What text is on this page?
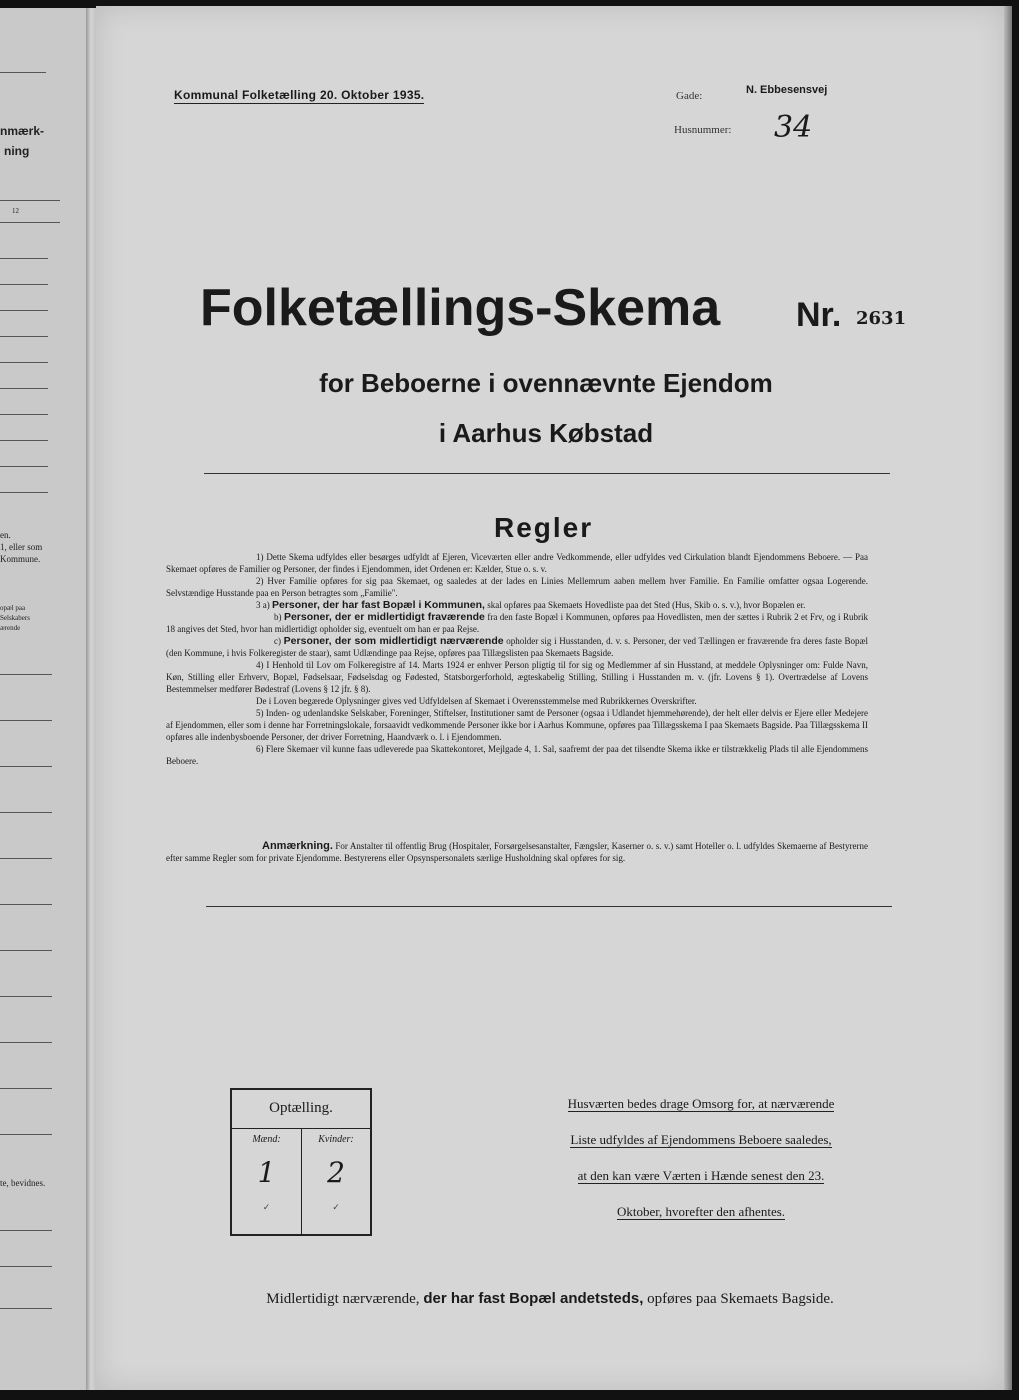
nmærk-
ning
12
en.
1, eller som
Kommune.
opæl paa
Selskabers
ærende
te, bevidnes.
Kommunal Folketælling 20. Oktober 1935.	Gade:	N. Ebbesensvej
Husnummer: 34
Folketællings-Skema Nr. 2631
for Beboerne i ovennævnte Ejendom
i Aarhus Købstad
Regler

1) Dette Skema udfyldes eller besørges udfyldt af Ejeren, Viceværten eller andre Vedkommende, eller udfyldes ved Cirkulation blandt Ejendommens Beboere. — Paa Skemaet opføres de Familier og Personer, der findes i Ejendommen, idet Ordenen er: Kælder, Stue o. s. v.

2) Hver Familie opføres for sig paa Skemaet, og saaledes at der lades en Linies Mellemrum aaben mellem hver Familie. En Familie omfatter ogsaa Logerende. Selvstændige Husstande paa en Person betragtes som „Familie".

3 a) Personer, der har fast Bopæl i Kommunen, skal opføres paa Skemaets Hovedliste paa det Sted (Hus, Skib o. s. v.), hvor Bopælen er.

b) Personer, der er midlertidigt fraværende fra den faste Bopæl i Kommunen, opføres paa Hovedlisten, men der sættes i Rubrik 2 et Frv, og i Rubrik 18 angives det Sted, hvor han midlertidigt opholder sig, eventuelt om han er paa Rejse.

c) Personer, der som midlertidigt nærværende opholder sig i Husstanden, d. v. s. Personer, der ved Tællingen er fraværende fra deres faste Bopæl (den Kommune, i hvis Folkeregister de staar), samt Udlændinge paa Rejse, opføres paa Tillægslisten paa Skemaets Bagside.

4) I Henhold til Lov om Folkeregistre af 14. Marts 1924 er enhver Person pligtig til for sig og Medlemmer af sin Husstand, at meddele Oplysninger om: Fulde Navn, Køn, Stilling eller Erhverv, Bopæl, Fødselsaar, Fødselsdag og Fødested, Statsborgerforhold, ægteskabelig Stilling, Stilling i Husstanden m. v. (jfr. Lovens § 1). Overtrædelse af Lovens Bestemmelser medfører Bødestraf (Lovens § 12 jfr. § 8).

De i Loven begærede Oplysninger gives ved Udfyldelsen af Skemaet i Overensstemmelse med Rubrikkernes Overskrifter.

5) Inden- og udenlandske Selskaber, Foreninger, Stiftelser, Institutioner samt de Personer (ogsaa i Udlandet hjemmehørende), der helt eller delvis er Ejere eller Medejere af Ejendommen, eller som i denne har Forretningslokale, forsaavidt vedkommende Personer ikke bor i Aarhus Kommune, opføres paa Tillægsskema I paa Skemaets Bagside. Paa Tillægsskema II opføres alle indenbysboende Personer, der driver Forretning, Haandværk o. l. i Ejendommen.

6) Flere Skemaer vil kunne faas udleverede paa Skattekontoret, Mejlgade 4, 1. Sal, saafremt der paa det tilsendte Skema ikke er tilstrækkelig Plads til alle Ejendommens Beboere.

Anmærkning. For Anstalter til offentlig Brug (Hospitaler, Forsørgelsesanstalter, Fængsler, Kaserner o. s. v.) samt Hoteller o. l. udfyldes Skemaerne af Bestyrerne efter samme Regler som for private Ejendomme. Bestyrerens eller Opsynspersonalets særlige Husholdning skal opføres for sig.
Optælling.
Mænd:	Kvinder:
1	2
✓	✓
Husværten bedes drage Omsorg for, at nærværende
Liste udfyldes af Ejendommens Beboere saaledes,
at den kan være Værten i Hænde senest den 23.
Oktober, hvorefter den afhentes.
Midlertidigt nærværende, der har fast Bopæl andetsteds, opføres paa Skemaets Bagside.
